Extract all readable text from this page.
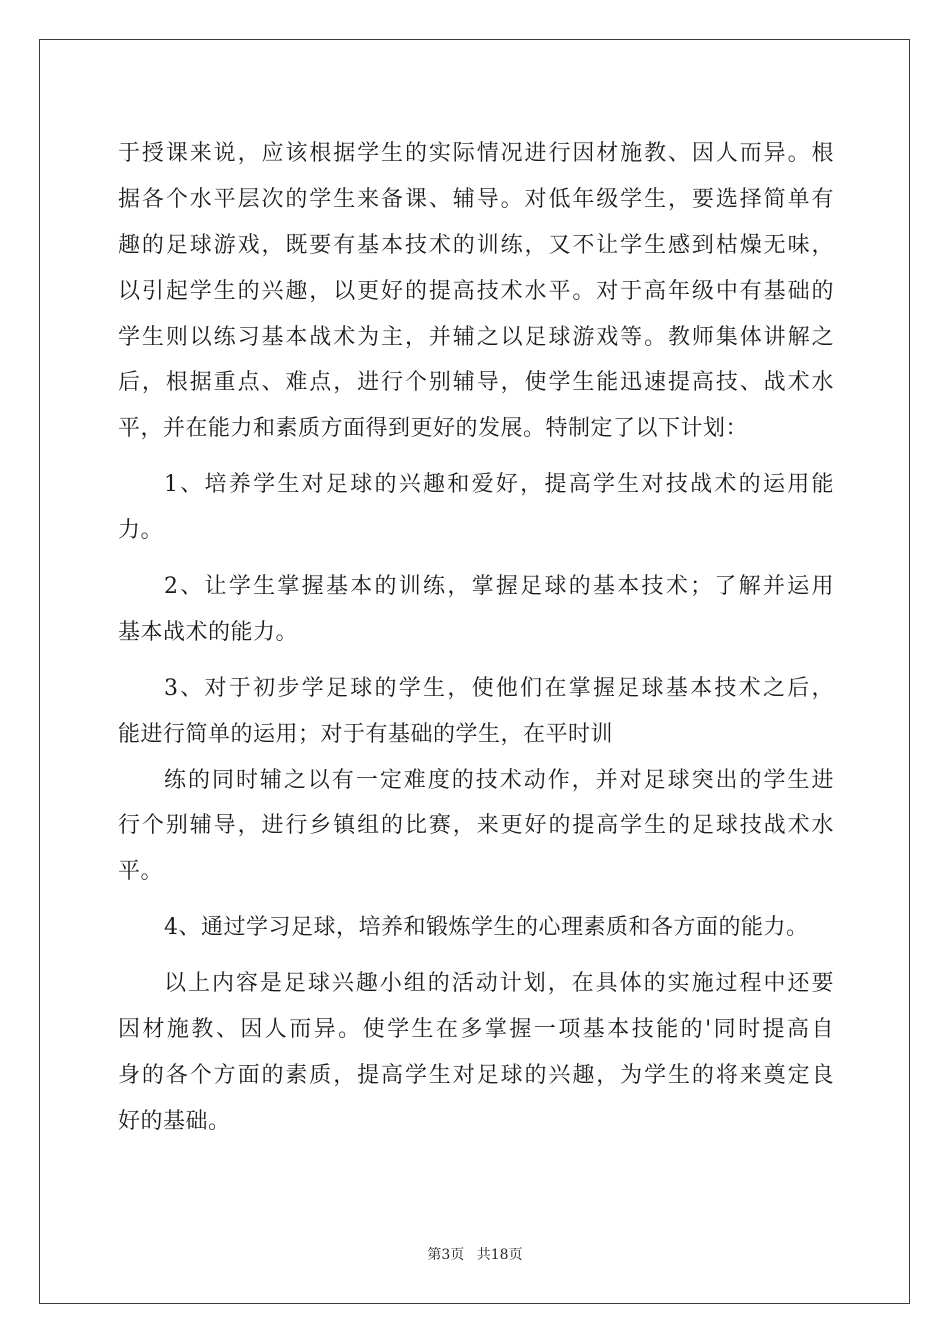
于授课来说，应该根据学生的实际情况进行因材施教、因人而异。根
据各个水平层次的学生来备课、辅导。对低年级学生，要选择简单有
趣的足球游戏，既要有基本技术的训练，又不让学生感到枯燥无味，
以引起学生的兴趣，以更好的提高技术水平。对于高年级中有基础的
学生则以练习基本战术为主，并辅之以足球游戏等。教师集体讲解之
后，根据重点、难点，进行个别辅导，使学生能迅速提高技、战术水
平，并在能力和素质方面得到更好的发展。特制定了以下计划：
1、培养学生对足球的兴趣和爱好，提高学生对技战术的运用能
力。
2、让学生掌握基本的训练，掌握足球的基本技术；了解并运用
基本战术的能力。
3、对于初步学足球的学生，使他们在掌握足球基本技术之后，
能进行简单的运用；对于有基础的学生，在平时训
练的同时辅之以有一定难度的技术动作，并对足球突出的学生进
行个别辅导，进行乡镇组的比赛，来更好的提高学生的足球技战术水
平。
4、通过学习足球，培养和锻炼学生的心理素质和各方面的能力。
以上内容是足球兴趣小组的活动计划，在具体的实施过程中还要
因材施教、因人而异。使学生在多掌握一项基本技能的'同时提高自
身的各个方面的素质，提高学生对足球的兴趣，为学生的将来奠定良
好的基础。
第3页 共18页
